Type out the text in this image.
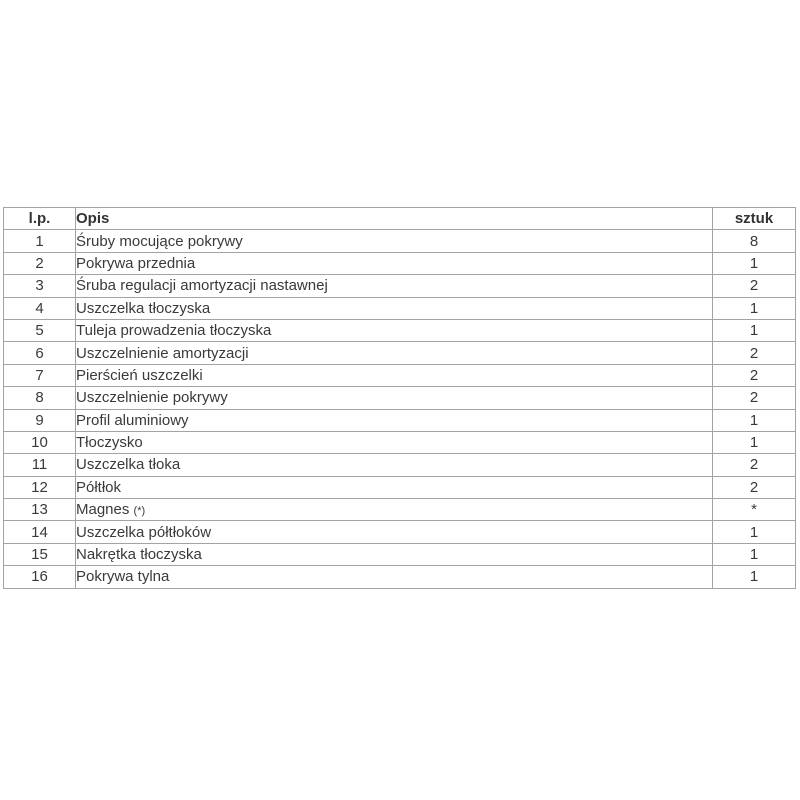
l.p.	Opis	sztuk
1	Śruby mocujące pokrywy	8
2	Pokrywa przednia	1
3	Śruba regulacji amortyzacji nastawnej	2
4	Uszczelka tłoczyska	1
5	Tuleja prowadzenia tłoczyska	1
6	Uszczelnienie amortyzacji	2
7	Pierścień uszczelki	2
8	Uszczelnienie pokrywy	2
9	Profil aluminiowy	1
10	Tłoczysko	1
11	Uszczelka tłoka	2
12	Półtłok	2
13	Magnes (*)	*
14	Uszczelka półtłoków	1
15	Nakrętka tłoczyska	1
16	Pokrywa tylna	1
